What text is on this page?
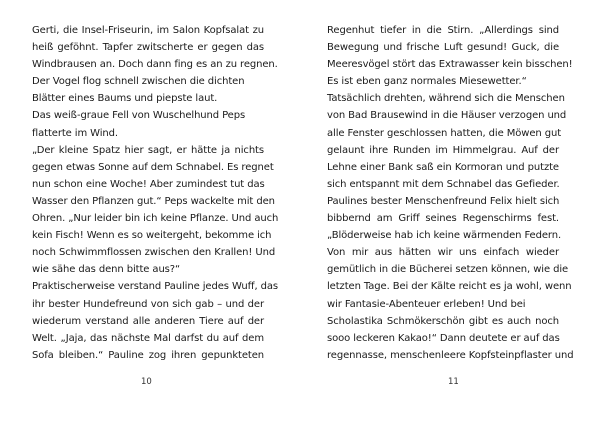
Gerti, die Insel-Friseurin, im Salon Kopfsalat zu
heiß geföhnt. Tapfer zwitscherte er gegen das
Windbrausen an. Doch dann fing es an zu regnen.
Der Vogel flog schnell zwischen die dichten
Blätter eines Baums und piepste laut.
Das weiß-graue Fell von Wuschelhund Peps
flatterte im Wind.
„Der kleine Spatz hier sagt, er hätte ja nichts
gegen etwas Sonne auf dem Schnabel. Es regnet
nun schon eine Woche! Aber zumindest tut das
Wasser den Pflanzen gut.“ Peps wackelte mit den
Ohren. „Nur leider bin ich keine Pflanze. Und auch
kein Fisch! Wenn es so weitergeht, bekomme ich
noch Schwimmflossen zwischen den Krallen! Und
wie sähe das denn bitte aus?“
Praktischerweise verstand Pauline jedes Wuff, das
ihr bester Hundefreund von sich gab – und der
wiederum verstand alle anderen Tiere auf der
Welt. „Jaja, das nächste Mal darfst du auf dem
Sofa bleiben.“ Pauline zog ihren gepunkteten
10
Regenhut tiefer in die Stirn. „Allerdings sind
Bewegung und frische Luft gesund! Guck, die
Meeresvögel stört das Extrawasser kein bisschen!
Es ist eben ganz normales Miesewetter.“
Tatsächlich drehten, während sich die Menschen
von Bad Brausewind in die Häuser verzogen und
alle Fenster geschlossen hatten, die Möwen gut
gelaunt ihre Runden im Himmelgrau. Auf der
Lehne einer Bank saß ein Kormoran und putzte
sich entspannt mit dem Schnabel das Gefieder.
Paulines bester Menschenfreund Felix hielt sich
bibbernd am Griff seines Regenschirms fest.
„Blöderweise hab ich keine wärmenden Federn.
Von mir aus hätten wir uns einfach wieder
gemütlich in die Bücherei setzen können, wie die
letzten Tage. Bei der Kälte reicht es ja wohl, wenn
wir Fantasie-Abenteuer erleben! Und bei
Scholastika Schmökerschön gibt es auch noch
sooo leckeren Kakao!“ Dann deutete er auf das
regennasse, menschenleere Kopfsteinpflaster und
11
